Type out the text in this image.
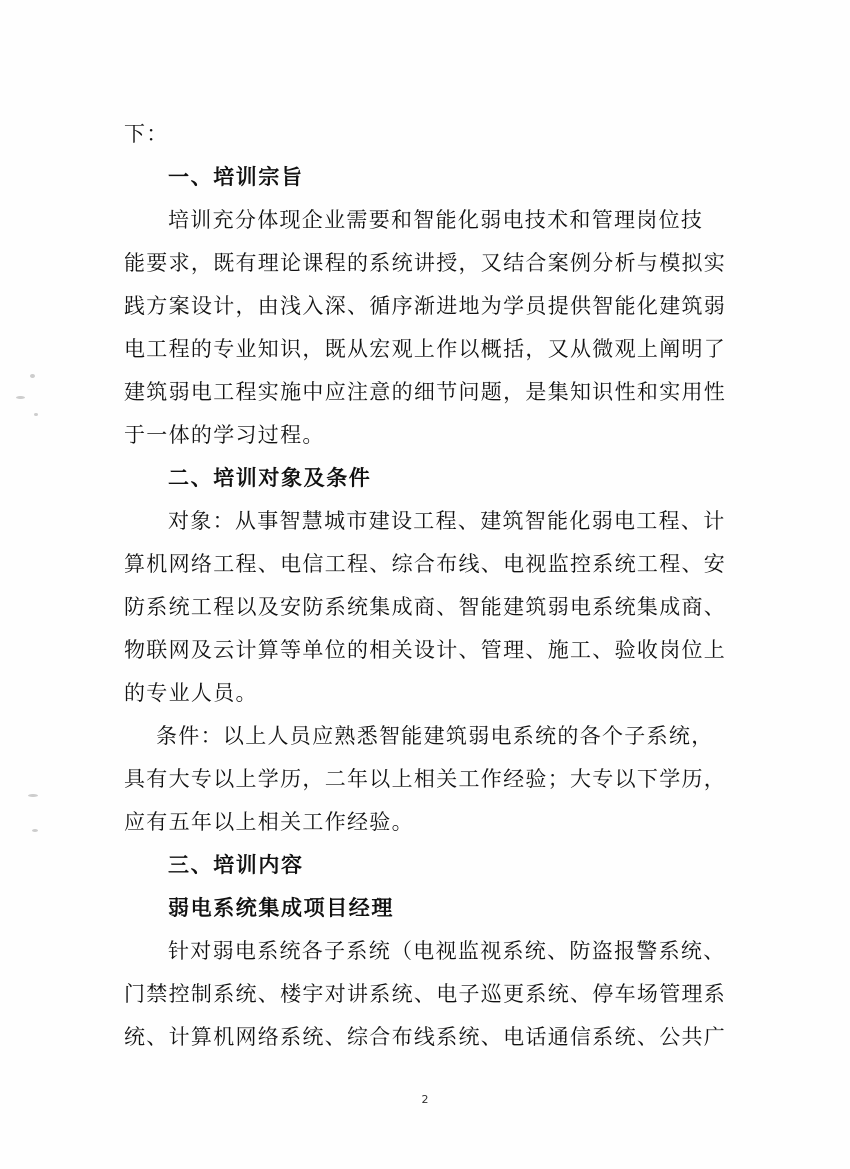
下：
一、培训宗旨
培训充分体现企业需要和智能化弱电技术和管理岗位技
能要求，既有理论课程的系统讲授，又结合案例分析与模拟实
践方案设计，由浅入深、循序渐进地为学员提供智能化建筑弱
电工程的专业知识，既从宏观上作以概括，又从微观上阐明了
建筑弱电工程实施中应注意的细节问题，是集知识性和实用性
于一体的学习过程。
二、培训对象及条件
对象：从事智慧城市建设工程、建筑智能化弱电工程、计
算机网络工程、电信工程、综合布线、电视监控系统工程、安
防系统工程以及安防系统集成商、智能建筑弱电系统集成商、
物联网及云计算等单位的相关设计、管理、施工、验收岗位上
的专业人员。
条件：以上人员应熟悉智能建筑弱电系统的各个子系统，
具有大专以上学历，二年以上相关工作经验；大专以下学历，
应有五年以上相关工作经验。
三、培训内容
弱电系统集成项目经理
针对弱电系统各子系统（电视监视系统、防盗报警系统、
门禁控制系统、楼宇对讲系统、电子巡更系统、停车场管理系
统、计算机网络系统、综合布线系统、电话通信系统、公共广
2
